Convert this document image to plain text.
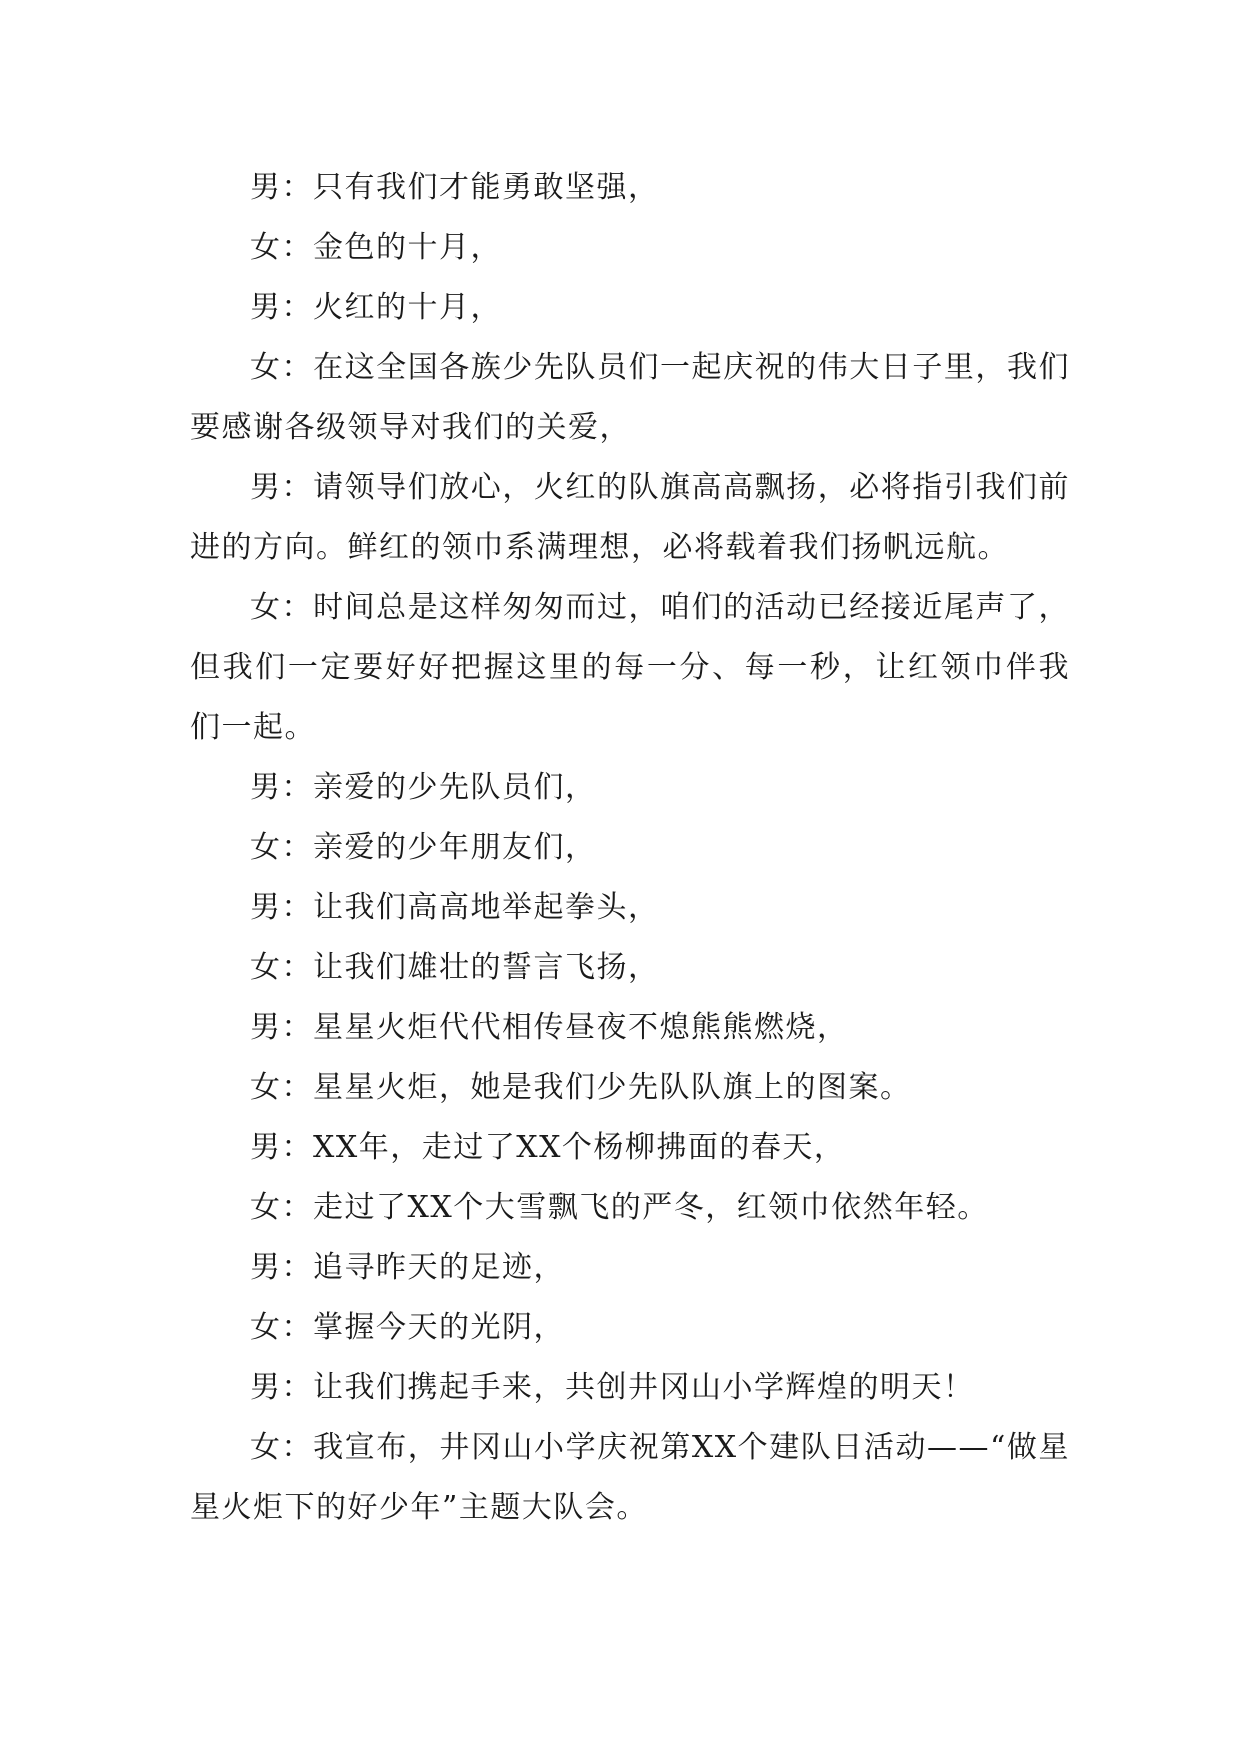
男：只有我们才能勇敢坚强，

女：金色的十月，

男：火红的十月，

女：在这全国各族少先队员们一起庆祝的伟大日子里，我们要感谢各级领导对我们的关爱，

男：请领导们放心，火红的队旗高高飘扬，必将指引我们前进的方向。鲜红的领巾系满理想，必将载着我们扬帆远航。

女：时间总是这样匆匆而过，咱们的活动已经接近尾声了，但我们一定要好好把握这里的每一分、每一秒，让红领巾伴我们一起。

男：亲爱的少先队员们，

女：亲爱的少年朋友们，

男：让我们高高地举起拳头，

女：让我们雄壮的誓言飞扬，

男：星星火炬代代相传昼夜不熄熊熊燃烧，

女：星星火炬，她是我们少先队队旗上的图案。

男：XX年，走过了XX个杨柳拂面的春天，

女：走过了XX个大雪飘飞的严冬，红领巾依然年轻。

男：追寻昨天的足迹，

女：掌握今天的光阴，

男：让我们携起手来，共创井冈山小学辉煌的明天！

女：我宣布，井冈山小学庆祝第XX个建队日活动——“做星星火炬下的好少年”主题大队会。
